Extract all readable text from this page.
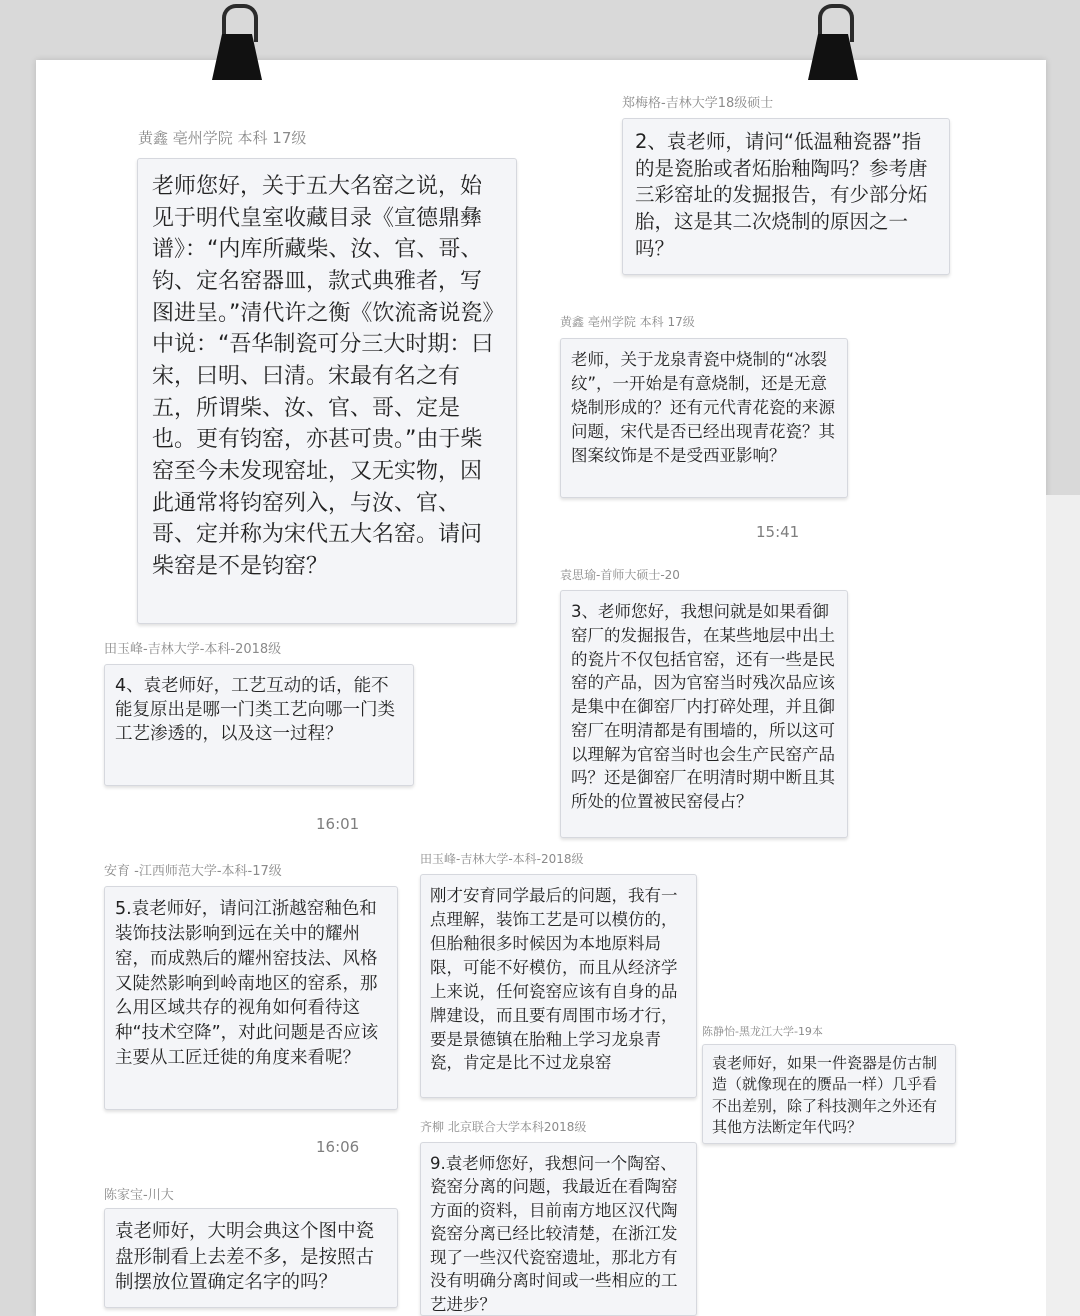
黄鑫 亳州学院 本科 17级
老师您好，关于五大名窑之说，始见于明代皇室收藏目录《宣德鼎彝谱》：“内库所藏柴、汝、官、哥、钧、定名窑器皿，款式典雅者，写图进呈。”清代许之衡《饮流斋说瓷》中说：“吾华制瓷可分三大时期：曰宋，曰明、曰清。宋最有名之有五，所谓柴、汝、官、哥、定是也。更有钧窑，亦甚可贵。”由于柴窑至今未发现窑址，又无实物，因此通常将钧窑列入，与汝、官、哥、定并称为宋代五大名窑。请问柴窑是不是钧窑？
郑梅格-吉林大学18级硕士
2、袁老师，请问“低温釉瓷器”指的是瓷胎或者炻胎釉陶吗？参考唐三彩窑址的发掘报告，有少部分炻胎，这是其二次烧制的原因之一吗？
黄鑫 亳州学院 本科 17级
老师，关于龙泉青瓷中烧制的“冰裂纹”，一开始是有意烧制，还是无意烧制形成的？还有元代青花瓷的来源问题，宋代是否已经出现青花瓷？其图案纹饰是不是受西亚影响？
15:41
袁思瑜-首师大硕士-20
3、老师您好，我想问就是如果看御窑厂的发掘报告，在某些地层中出土的瓷片不仅包括官窑，还有一些是民窑的产品，因为官窑当时残次品应该是集中在御窑厂内打碎处理，并且御窑厂在明清都是有围墙的，所以这可以理解为官窑当时也会生产民窑产品吗？还是御窑厂在明清时期中断且其所处的位置被民窑侵占？
田玉峰-吉林大学-本科-2018级
4、袁老师好，工艺互动的话，能不能复原出是哪一门类工艺向哪一门类工艺渗透的，以及这一过程？
16:01
安育 -江西师范大学-本科-17级
5.袁老师好，请问江浙越窑釉色和装饰技法影响到远在关中的耀州窑，而成熟后的耀州窑技法、风格又陡然影响到岭南地区的窑系，那么用区域共存的视角如何看待这种“技术空降”，对此问题是否应该主要从工匠迁徙的角度来看呢？
田玉峰-吉林大学-本科-2018级
刚才安育同学最后的问题，我有一点理解，装饰工艺是可以模仿的，但胎釉很多时候因为本地原料局限，可能不好模仿，而且从经济学上来说，任何瓷窑应该有自身的品牌建设，而且要有周围市场才行，要是景德镇在胎釉上学习龙泉青瓷，肯定是比不过龙泉窑
陈静怡-黑龙江大学-19本
袁老师好，如果一件瓷器是仿古制造（就像现在的赝品一样）几乎看不出差别，除了科技测年之外还有其他方法断定年代吗？
16:06
陈家宝-川大
袁老师好，大明会典这个图中瓷盘形制看上去差不多，是按照古制摆放位置确定名字的吗？
齐柳 北京联合大学本科2018级
9.袁老师您好，我想问一个陶窑、瓷窑分离的问题，我最近在看陶窑方面的资料，目前南方地区汉代陶瓷窑分离已经比较清楚，在浙江发现了一些汉代瓷窑遗址，那北方有没有明确分离时间或一些相应的工艺进步？
